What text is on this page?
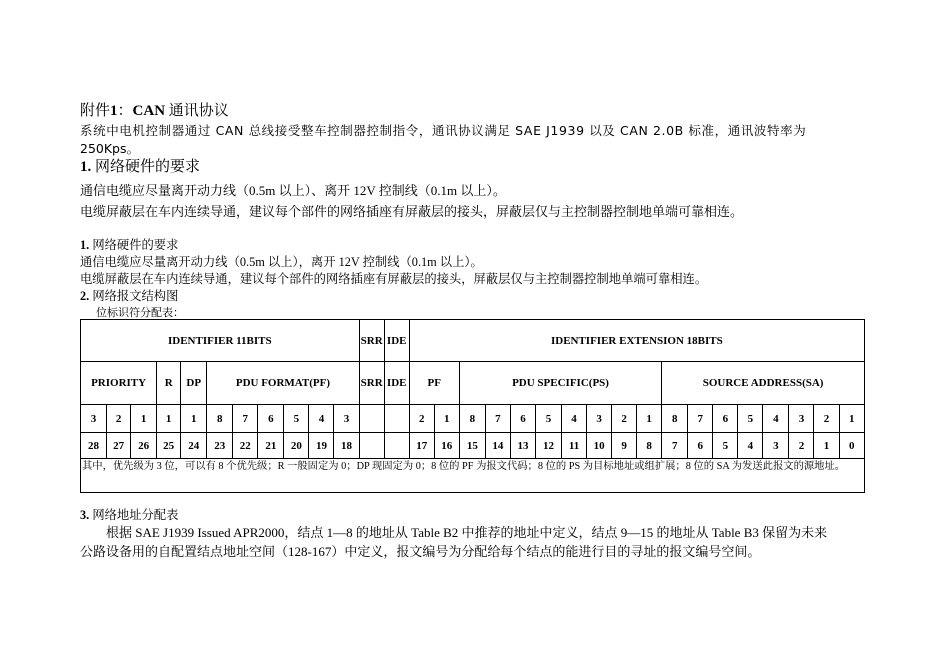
附件1：CAN 通讯协议
系统中电机控制器通过 CAN 总线接受整车控制器控制指令，通讯协议满足 SAE J1939 以及 CAN 2.0B 标准，通讯波特率为
250Kps。
1. 网络硬件的要求
通信电缆应尽量离开动力线（0.5m 以上）、离开 12V 控制线（0.1m 以上）。
电缆屏蔽层在车内连续导通，建议每个部件的网络插座有屏蔽层的接头，屏蔽层仅与主控制器控制地单端可靠相连。
1. 网络硬件的要求
通信电缆应尽量离开动力线（0.5m 以上），离开 12V 控制线（0.1m 以上）。
电缆屏蔽层在车内连续导通，建议每个部件的网络插座有屏蔽层的接头，屏蔽层仅与主控制器控制地单端可靠相连。
2. 网络报文结构图
位标识符分配表：
IDENTIFIER 11BITS											SRR	IDE	IDENTIFIER EXTENSION 18BITS																	
PRIORITY			R	DP	PDU FORMAT(PF)						SRR	IDE	PF		PDU SPECIFIC(PS)								SOURCE ADDRESS(SA)							
3	2	1	1	1	8	7	6	5	4	3			2	1	8	7	6	5	4	3	2	1	8	7	6	5	4	3	2	1
28	27	26	25	24	23	22	21	20	19	18			17	16	15	14	13	12	11	10	9	8	7	6	5	4	3	2	1	0
其中，优先级为 3 位，可以有 8 个优先级；R 一般固定为 0；DP 现固定为 0；8 位的 PF 为报文代码；8 位的 PS 为目标地址或组扩展；8 位的 SA 为发送此报文的源地址。																														
3. 网络地址分配表
根据 SAE J1939 Issued APR2000，结点 1—8 的地址从 Table B2 中推荐的地址中定义，结点 9—15 的地址从 Table B3 保留为未来
公路设备用的自配置结点地址空间（128-167）中定义，报文编号为分配给每个结点的能进行目的寻址的报文编号空间。
